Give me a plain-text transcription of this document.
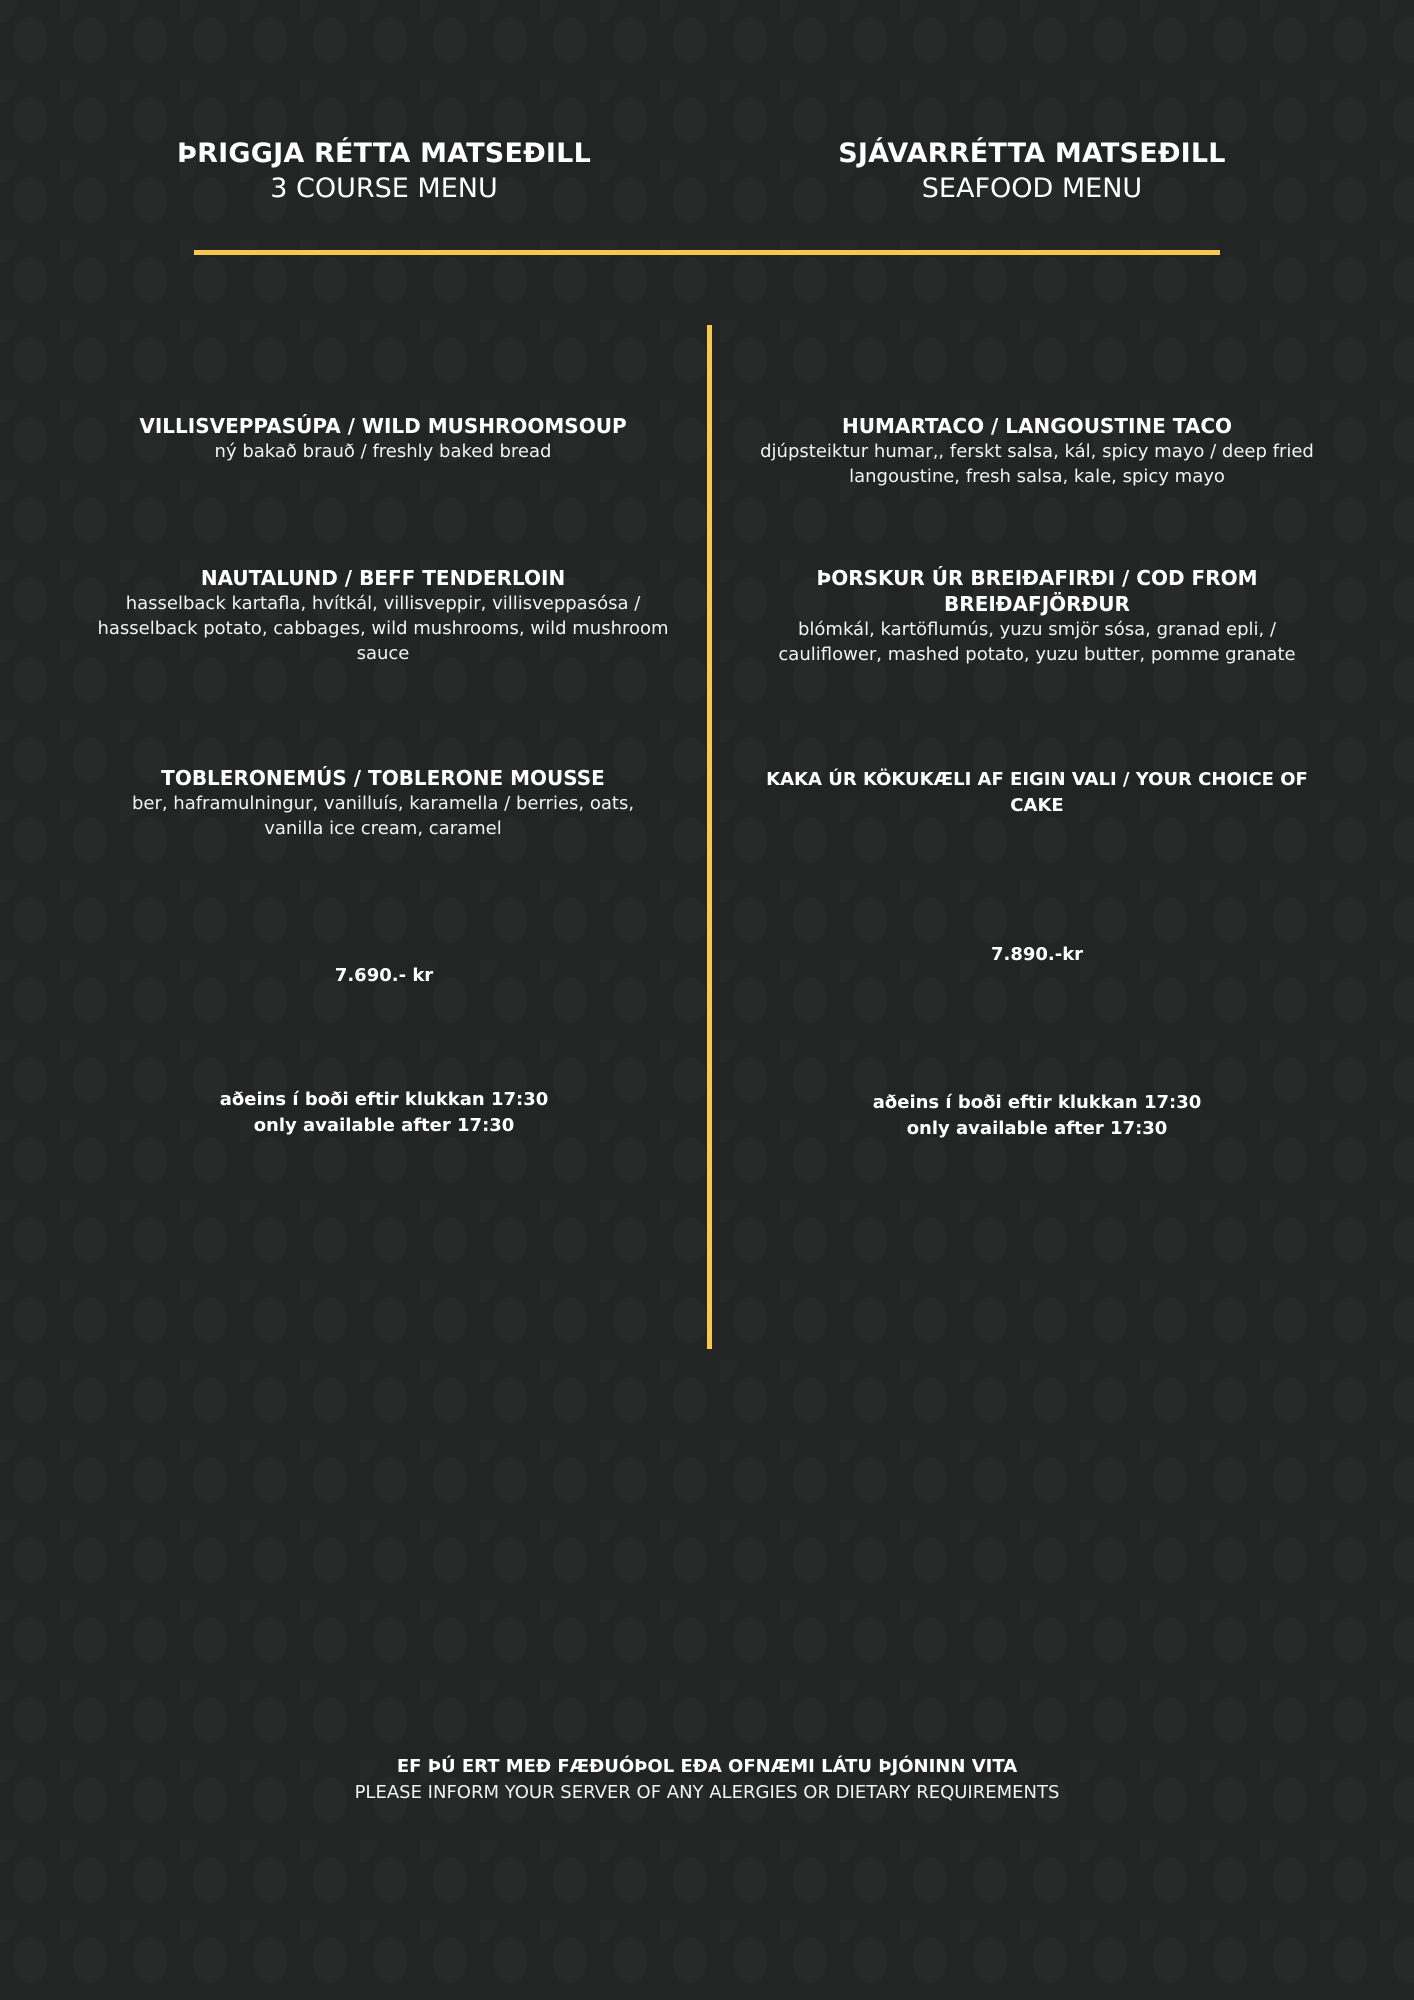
ÞRIGGJA RÉTTA MATSEÐILL
3 COURSE MENU
SJÁVARRÉTTA MATSEÐILL
SEAFOOD MENU
VILLISVEPPASÚPA / WILD MUSHROOMSOUP
ný bakað brauð / freshly baked bread
NAUTALUND / BEFF TENDERLOIN
hasselback kartafla, hvítkál, villisveppir, villisveppasósa / hasselback potato, cabbages, wild mushrooms, wild mushroom sauce
TOBLERONEMÚS / TOBLERONE MOUSSE
ber, haframulningur, vanilluís, karamella / berries, oats, vanilla ice cream, caramel
7.690.- kr
aðeins í boði eftir klukkan 17:30
only available after 17:30
HUMARTACO / LANGOUSTINE TACO
djúpsteiktur humar,, ferskt salsa, kál, spicy mayo / deep fried langoustine, fresh salsa, kale, spicy mayo
ÞORSKUR ÚR BREIÐAFIRÐI / COD FROM BREIÐAFJÖRÐUR
blómkál, kartöflumús, yuzu smjör sósa, granad epli, / cauliflower, mashed potato, yuzu butter, pomme granate
KAKA ÚR KÖKUKÆLI AF EIGIN VALI / YOUR CHOICE OF CAKE
7.890.-kr
aðeins í boði eftir klukkan 17:30
only available after 17:30
EF ÞÚ ERT MEÐ FÆÐUÓÞOL EÐA OFNÆMI LÁTU ÞJÓNINN VITA
PLEASE INFORM YOUR SERVER OF ANY ALERGIES OR DIETARY REQUIREMENTS
